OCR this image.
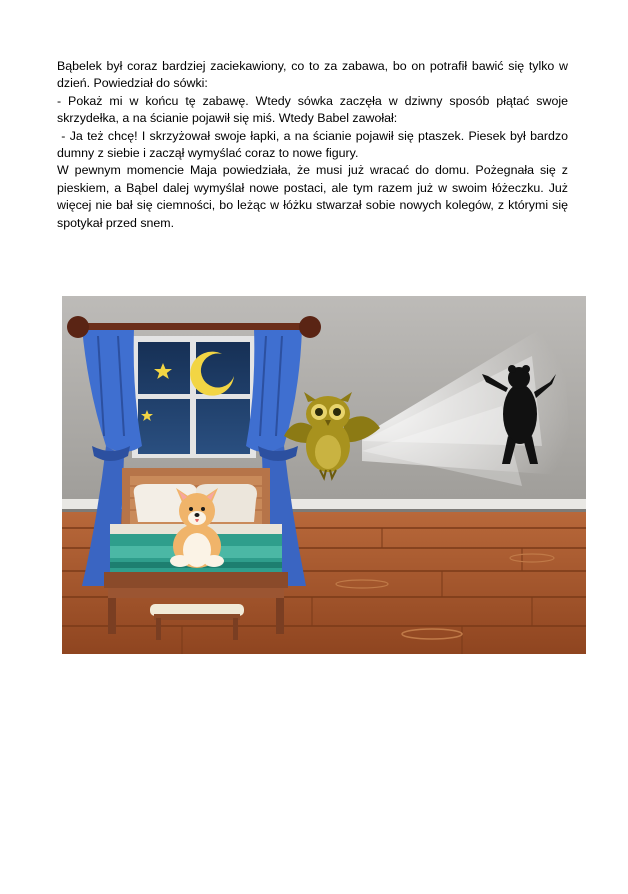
Bąbelek był coraz bardziej zaciekawiony, co to za zabawa, bo on potrafił bawić się tylko w dzień. Powiedział do sówki:

- Pokaż mi w końcu tę zabawę. Wtedy sówka zaczęła w dziwny sposób płątać swoje skrzydełka, a na ścianie pojawił się miś. Wtedy Babel zawołał:

- Ja też chcę! I skrzyżował swoje łapki, a na ścianie pojawił się ptaszek. Piesek był bardzo dumny z siebie i zaczął wymyślać coraz to nowe figury.

W pewnym momencie Maja powiedziała, że musi już wracać do domu. Pożegnała się z pieskiem, a Bąbel dalej wymyślał nowe postaci, ale tym razem już w swoim łóżeczku. Już więcej nie bał się ciemności, bo leżąc w łóżku stwarzał sobie nowych kolegów, z którymi się spotykał przed snem.
